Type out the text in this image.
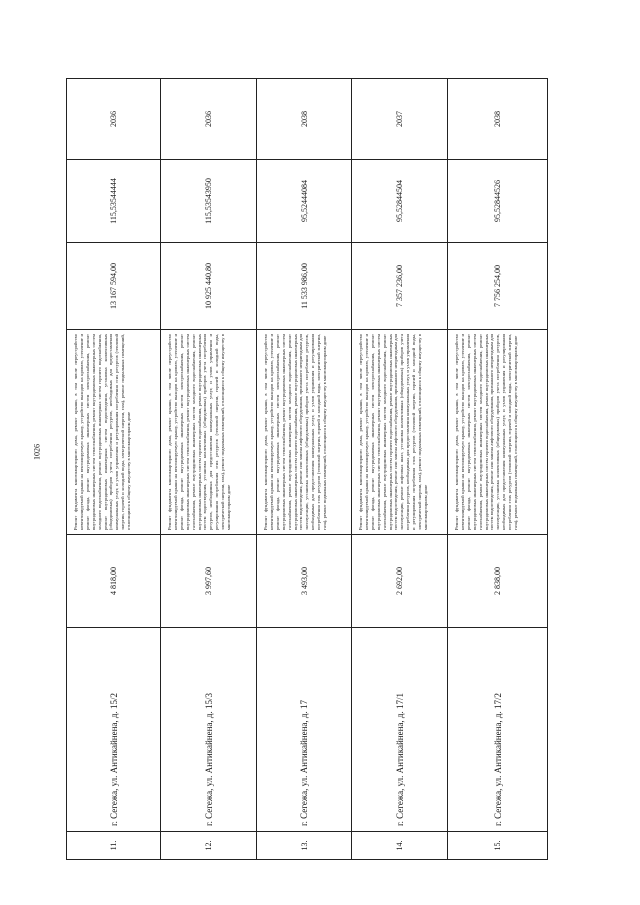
1026
11.
г. Сегежа, ул. Антикайнена, д. 15/2
4 818,00
Ремонт фундамента многоквартирного дома, ремонт крыши, в том числе переустройство невентилируемой крыши на вентилируемую крышу, устройство выходов на кровлю, утепление и ремонт фасада, ремонт внутридомовых инженерных систем электроснабжения, ремонт внутридомовых инженерных систем теплоснабжения, ремонт внутридомовых инженерных систем холодного водоснабжения, ремонт внутридомовых инженерных систем горячего водоснабжения, ремонт внутридомовых инженерных систем водоотведения, установка коллективных (общедомовых) приборов учета потребления ресурсов, необходимых для предоставления коммунальных услуг, и узлов управления и регулирования потребления этих ресурсов (тепловой энергии, горячей и холодной воды, электрической энергии, газа), ремонт подвальных помещений, относящихся к общему имуществу в многоквартирном доме
13 167 594,00
115,53544444
2036
12.
г. Сегежа, ул. Антикайнена, д. 15/3
3 997,60
Ремонт фундамента многоквартирного дома, ремонт крыши, в том числе переустройство невентилируемой крыши на вентилируемую крышу, устройство выходов на кровлю, утепление и ремонт фасада, ремонт внутридомовых инженерных систем электроснабжения, ремонт внутридомовых инженерных систем теплоснабжения, ремонт внутридомовых инженерных систем газоснабжения, ремонт внутридомовых инженерных систем холодного водоснабжения, ремонт внутридомовых инженерных систем горячего водоснабжения, ремонт внутридомовых инженерных систем водоотведения, установка коллективных (общедомовых) приборов учета потребления ресурсов, необходимых для предоставления коммунальных услуг, и узлов управления и регулирования потребления этих ресурсов (тепловой энергии, горячей и холодной воды, электрической энергии, газа), ремонт подвальных помещений, относящихся к общему имуществу в многоквартирном доме
10 925 440,80
115,53543950
2036
13.
г. Сегежа, ул. Антикайнена, д. 17
3 493,00
Ремонт фундамента многоквартирного дома, ремонт крыши, в том числе переустройство невентилируемой крыши на вентилируемую крышу, устройство выходов на кровлю, утепление и ремонт фасада, ремонт внутридомовых инженерных систем электроснабжения, ремонт внутридомовых инженерных систем теплоснабжения, ремонт внутридомовых инженерных систем газоснабжения, ремонт внутридомовых инженерных систем холодного водоснабжения, ремонт внутридомовых инженерных систем горячего водоснабжения, ремонт внутридомовых инженерных систем водоотведения, ремонт или замена лифтового оборудования, признанного непригодным для эксплуатации, установка коллективных (общедомовых) приборов учета потребления ресурсов, необходимых для предоставления коммунальных услуг, и узлов управления и регулирования потребления этих ресурсов (тепловой энергии, горячей и холодной воды, электрической энергии, газа), ремонт подвальных помещений, относящихся к общему имуществу в многоквартирном доме
11 533 986,00
95,52444084
2038
14.
г. Сегежа, ул. Антикайнена, д. 17/1
2 692,00
Ремонт фундамента многоквартирного дома, ремонт крыши, в том числе переустройство невентилируемой крыши на вентилируемую крышу, устройство выходов на кровлю, утепление и ремонт фасада, ремонт внутридомовых инженерных систем электроснабжения, ремонт внутридомовых инженерных систем теплоснабжения, ремонт внутридомовых инженерных систем газоснабжения, ремонт внутридомовых инженерных систем холодного водоснабжения, ремонт внутридомовых инженерных систем горячего водоснабжения, ремонт внутридомовых инженерных систем водоотведения, ремонт или замена лифтового оборудования, признанного непригодным для эксплуатации, ремонт лифтовых шахт, установка коллективных (общедомовых) приборов учета потребления ресурсов, необходимых для предоставления коммунальных услуг, и узлов управления и регулирования потребления этих ресурсов (тепловой энергии, горячей и холодной воды, электрической энергии, газа), ремонт подвальных помещений, относящихся к общему имуществу в многоквартирном доме
7 357 236,00
95,52844504
2037
15.
г. Сегежа, ул. Антикайнена, д. 17/2
2 838,00
Ремонт фундамента многоквартирного дома, ремонт крыши, в том числе переустройство невентилируемой крыши на вентилируемую крышу, устройство выходов на кровлю, утепление и ремонт фасада, ремонт внутридомовых инженерных систем электроснабжения, ремонт внутридомовых инженерных систем теплоснабжения, ремонт внутридомовых инженерных систем газоснабжения, ремонт внутридомовых инженерных систем холодного водоснабжения, ремонт внутридомовых инженерных систем горячего водоснабжения, ремонт внутридомовых инженерных систем водоотведения, ремонт или замена лифтового оборудования, признанного непригодным для эксплуатации, установка коллективных (общедомовых) приборов учета потребления ресурсов, необходимых для предоставления коммунальных услуг, и узлов управления и регулирования потребления этих ресурсов (тепловой энергии, горячей и холодной воды, электрической энергии, газа), ремонт подвальных помещений, относящихся к общему имуществу в многоквартирном доме
7 756 254,00
95,52844526
2038
